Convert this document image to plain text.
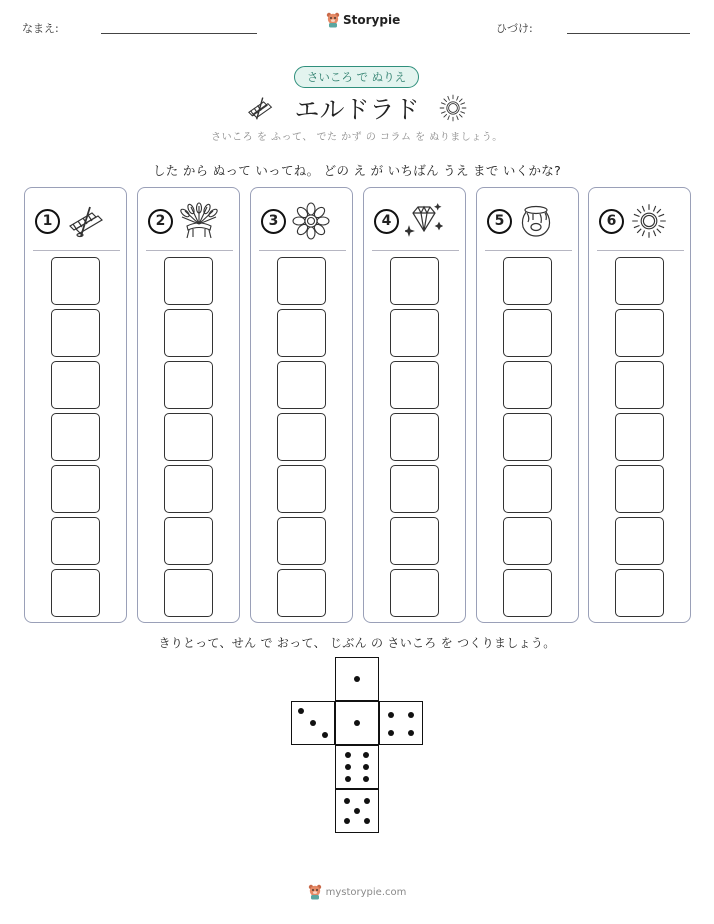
なまえ:
Storypie
ひづけ:
さいころ で ぬりえ
エルドラド
さいころ を ふって、 でた かず の コラム を ぬりましょう。
した から ぬって いってね。 どの え が いちばん うえ まで いくかな?
1	2	3	4	5	6
きりとって、せん で おって、 じぶん の さいころ を つくりましょう。
mystorypie.com
